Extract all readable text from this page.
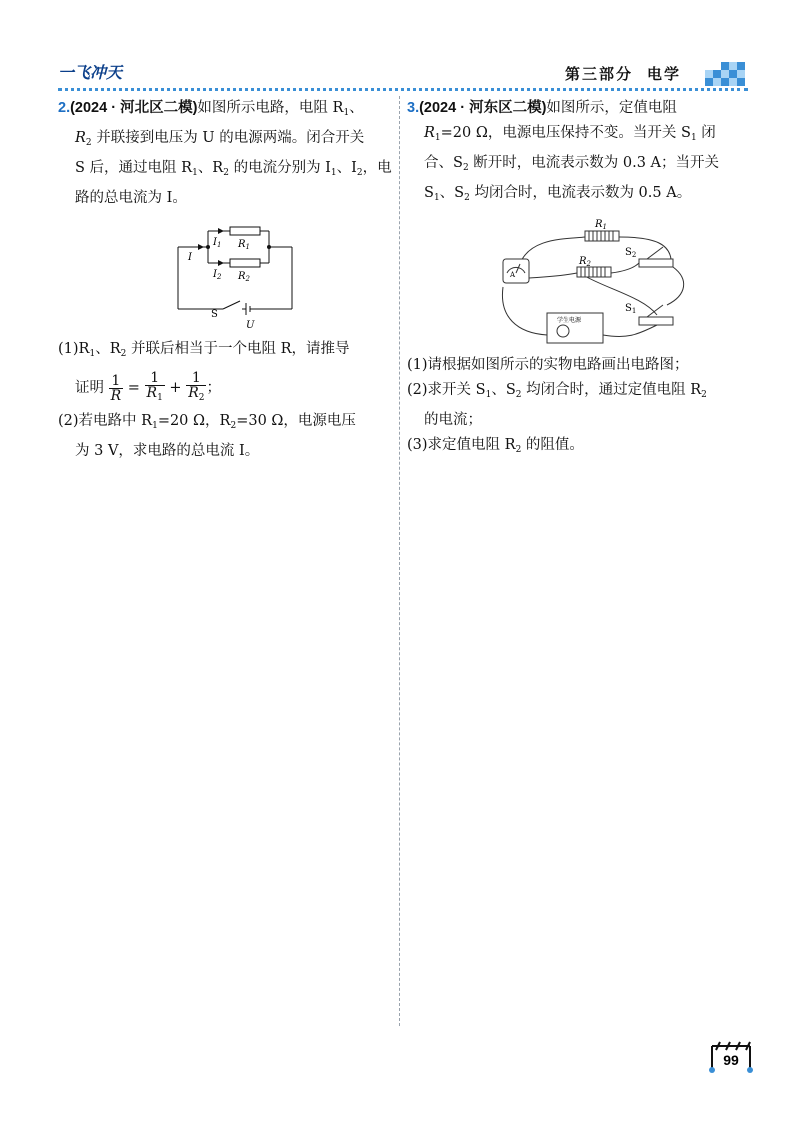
一飞冲天	第三部分 电学

2.(2024 · 河北区二模)如图所示电路，电阻 $R_1$、

$R_2$ 并联接到电压为 U 的电源两端。闭合开关

S 后，通过电阻 $R_1$、$R_2$ 的电流分别为 $I_1$、$I_2$，电

路的总电流为 I。

I
$I_1$
$I_2$
$R_1$
$R_2$
S
U

$(1)R_1$、$R_2$ 并联后相当于一个电阻 R，请推导

证明 $\frac{1}{R} = \frac{1}{R_1} + \frac{1}{R_2}$ ；

(2)若电路中 $R_1=20$ Ω，$R_2=30$ Ω，电源电压

为 3 V，求电路的总电流 I。

3.(2024 · 河东区二模)如图所示，定值电阻

$R_1=20$ Ω，电源电压保持不变。当开关 $S_1$ 闭

合、$S_2$ 断开时，电流表示数为 0.3 A；当开关

$S_1$、$S_2$ 均闭合时，电流表示数为 0.5 A。

A
学生电源
$R_1$
$R_2$
$S_2$
$S_1$

(1)请根据如图所示的实物电路画出电路图；

(2)求开关 $S_1$、$S_2$ 均闭合时，通过定值电阻 $R_2$

的电流；

(3)求定值电阻 $R_2$ 的阻值。

99
